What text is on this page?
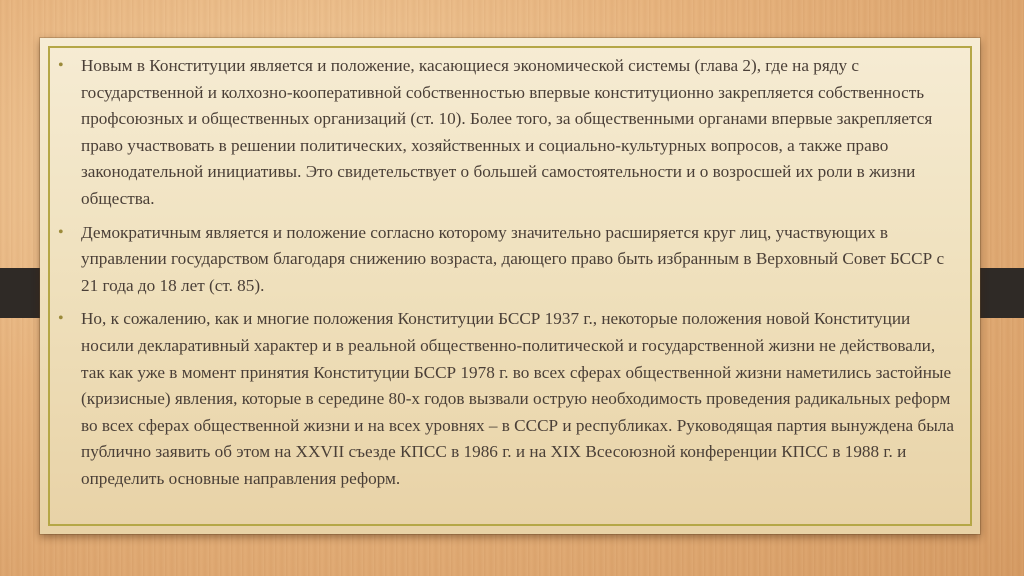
• Новым в Конституции является и положение, касающиеся экономической системы (глава 2), где на ряду с государственной и колхозно-кооперативной собственностью впервые конституционно закрепляется собственность профсоюзных и общественных организаций (ст. 10). Более того, за общественными органами впервые закрепляется право участвовать в решении политических, хозяйственных и социально-культурных вопросов, а также право законодательной инициативы. Это свидетельствует о большей самостоятельности и о возросшей их роли в жизни общества.
• Демократичным является и положение согласно которому значительно расширяется круг лиц, участвующих в управлении государством благодаря снижению возраста, дающего право быть избранным в Верховный Совет БССР с 21 года до 18 лет (ст. 85).
• Но, к сожалению, как и многие положения Конституции БССР 1937 г., некоторые положения новой Конституции носили декларативный характер и в реальной общественно-политической и государственной жизни не действовали, так как уже в момент принятия Конституции БССР 1978 г. во всех сферах общественной жизни наметились застойные (кризисные) явления, которые в середине 80-х годов вызвали острую необходимость проведения радикальных реформ во всех сферах общественной жизни и на всех уровнях – в СССР и республиках. Руководящая партия вынуждена была публично заявить об этом на XXVII съезде КПСС в 1986 г. и на XIX Всесоюзной конференции КПСС в 1988 г. и определить основные направления реформ.
